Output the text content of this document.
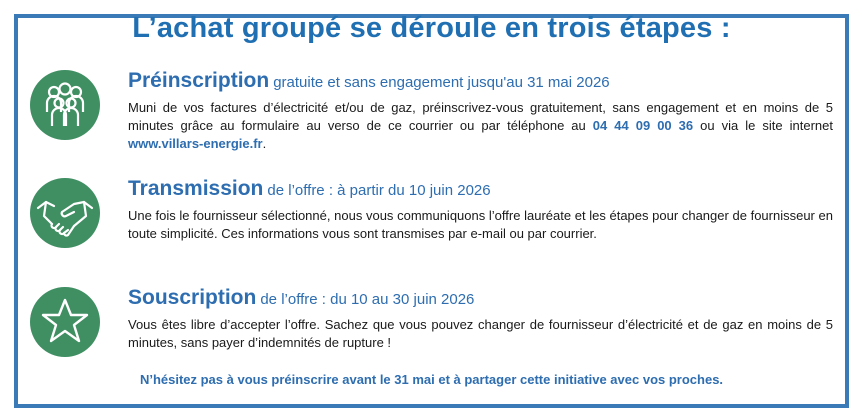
L’achat groupé se déroule en trois étapes :
Préinscription gratuite et sans engagement jusqu'au 31 mai 2026
Muni de vos factures d’électricité et/ou de gaz, préinscrivez-vous gratuitement, sans engagement et en moins de 5 minutes grâce au formulaire au verso de ce courrier ou par téléphone au 04 44 09 00 36 ou via le site internet www.villars-energie.fr.
Transmission de l’offre : à partir du 10 juin 2026
Une fois le fournisseur sélectionné, nous vous communiquons l’offre lauréate et les étapes pour changer de fournisseur en toute simplicité. Ces informations vous sont transmises par e-mail ou par courrier.
Souscription de l’offre : du 10 au 30 juin 2026
Vous êtes libre d’accepter l’offre. Sachez que vous pouvez changer de fournisseur d’électricité et de gaz en moins de 5 minutes, sans payer d’indemnités de rupture !
N’hésitez pas à vous préinscrire avant le 31 mai et à partager cette initiative avec vos proches.
